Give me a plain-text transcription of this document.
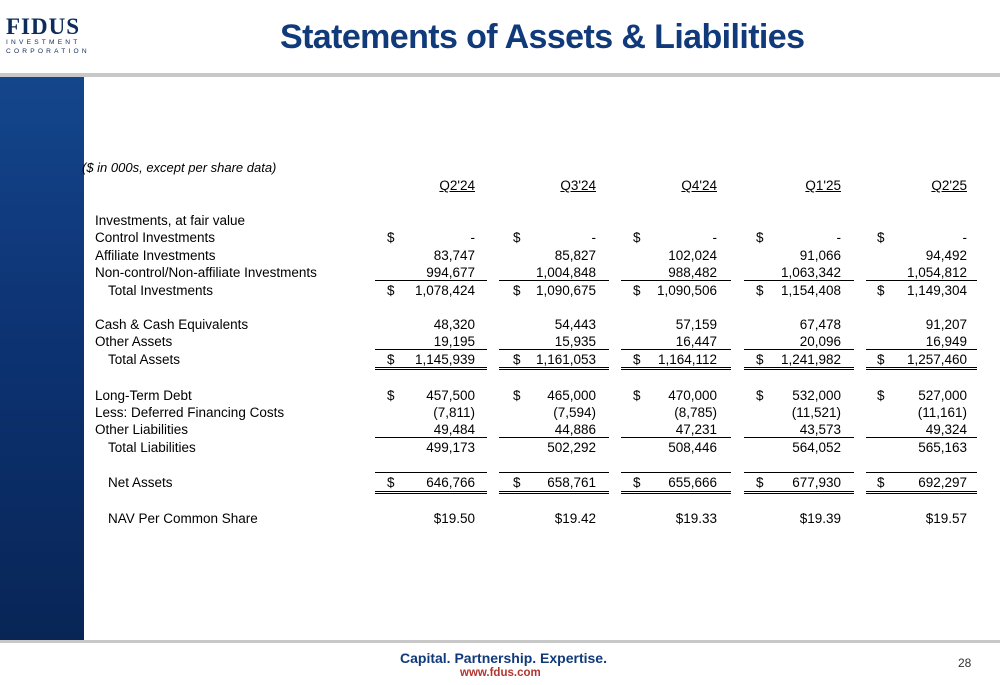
FIDUS
INVESTMENT
CORPORATION	Statements of Assets & Liabilities
($ in 000s, except per share data)
Q2'24	Q3'24	Q4'24	Q1'25	Q2'25
Investments, at fair value
Control Investments	$	-	$	-	$	-	$	-	$	-
Affiliate Investments	83,747	85,827	102,024	91,066	94,492
Non-control/Non-affiliate Investments	994,677	1,004,848	988,482	1,063,342	1,054,812
Total Investments	$ 1,078,424	$ 1,090,675	$ 1,090,506	$ 1,154,408	$ 1,149,304
Cash & Cash Equivalents	48,320	54,443	57,159	67,478	91,207
Other Assets	19,195	15,935	16,447	20,096	16,949
Total Assets	$ 1,145,939	$ 1,161,053	$ 1,164,112	$ 1,241,982	$ 1,257,460
Long-Term Debt	$ 457,500	$ 465,000	$ 470,000	$ 532,000	$ 527,000
Less: Deferred Financing Costs	(7,811)	(7,594)	(8,785)	(11,521)	(11,161)
Other Liabilities	49,484	44,886	47,231	43,573	49,324
Total Liabilities	499,173	502,292	508,446	564,052	565,163
Net Assets	$ 646,766	$ 658,761	$ 655,666	$ 677,930	$ 692,297
NAV Per Common Share	$19.50	$19.42	$19.33	$19.39	$19.57
Capital. Partnership. Expertise.
www.fdus.com
28
